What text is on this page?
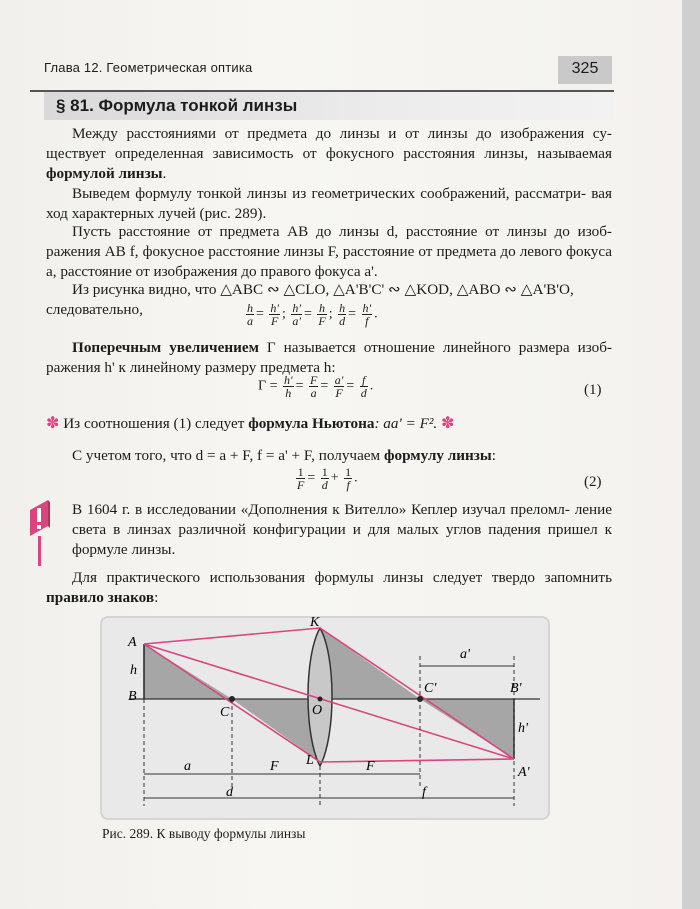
Глава 12. Геометрическая оптика	325
§ 81. Формула тонкой линзы
Между расстояниями от предмета до линзы и от линзы до изображения су- ществует определенная зависимость от фокусного расстояния линзы, называемая формулой линзы.
Выведем формулу тонкой линзы из геометрических соображений, рассматри- вая ход характерных лучей (рис. 289).
Пусть расстояние от предмета AB до линзы d, расстояние от линзы до изоб- ражения AB f, фокусное расстояние линзы F, расстояние от предмета до левого фокуса a, расстояние от изображения до правого фокуса a'.
Из рисунка видно, что △ABC ∾ △CLO, △A'B'C' ∾ △KOD, △ABO ∾ △A'B'O,
следовательно,	$\frac{h}{a} = \frac{h'}{F}$ ; $\frac{h'}{a'} = \frac{h}{F}$ ; $\frac{h}{d} = \frac{h'}{f}$ .
Поперечным увеличением Γ называется отношение линейного размера изоб- ражения h' к линейному размеру предмета h:
$\Gamma = \frac{h'}{h} = \frac{F}{a} = \frac{a'}{F} = \frac{f}{d}$ .	(1)
✽ Из соотношения (1) следует формула Ньютона: aa' = F². ✽
С учетом того, что d = a + F, f = a' + F, получаем формулу линзы:
$\frac{1}{F} = \frac{1}{d} + \frac{1}{f}$ .	(2)
В 1604 г. в исследовании «Дополнения к Вителло» Кеплер изучал преломл- ление света в линзах различной конфигурации и для малых углов падения пришел к формуле линзы.
Для практического использования формулы линзы следует твердо запомнить правило знаков:
A
B
h
C
K
O
L
C'	B'
A'
h'
a'
a	F	F
d	f
Рис. 289. К выводу формулы линзы
